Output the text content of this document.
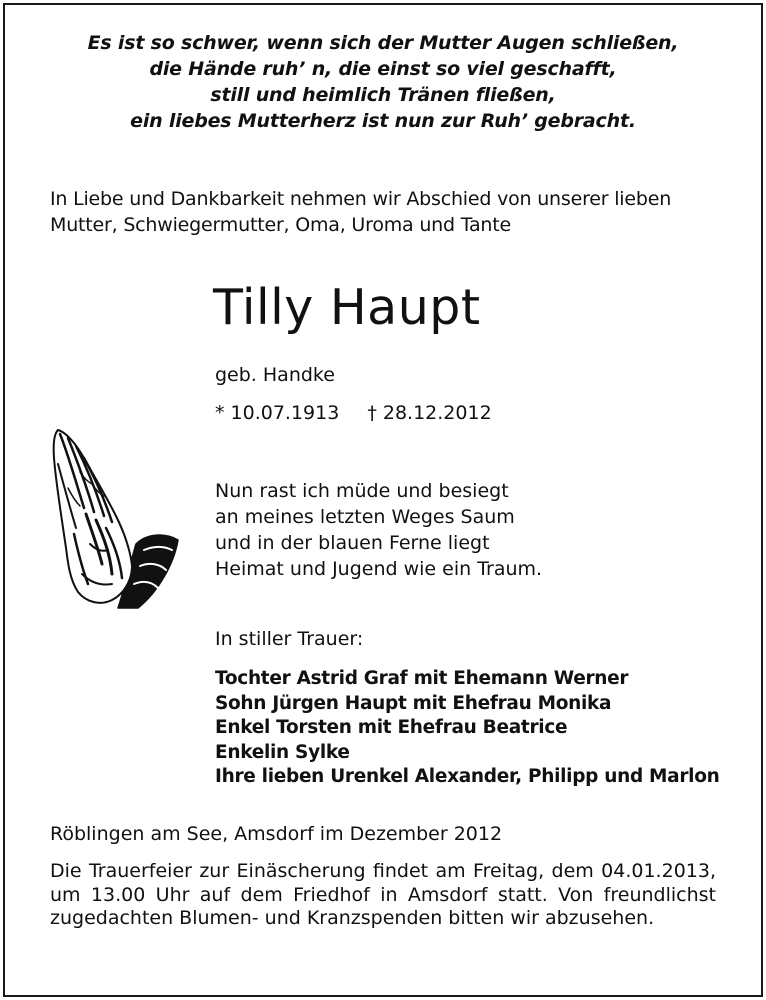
Es ist so schwer, wenn sich der Mutter Augen schließen,
die Hände ruh’ n, die einst so viel geschafft,
still und heimlich Tränen fließen,
ein liebes Mutterherz ist nun zur Ruh’ gebracht.
In Liebe und Dankbarkeit nehmen wir Abschied von unserer lieben
Mutter, Schwiegermutter, Oma, Uroma und Tante
Tilly Haupt
geb. Handke
* 10.07.1913 † 28.12.2012
Nun rast ich müde und besiegt
an meines letzten Weges Saum
und in der blauen Ferne liegt
Heimat und Jugend wie ein Traum.
In stiller Trauer:
Tochter Astrid Graf mit Ehemann Werner
Sohn Jürgen Haupt mit Ehefrau Monika
Enkel Torsten mit Ehefrau Beatrice
Enkelin Sylke
Ihre lieben Urenkel Alexander, Philipp und Marlon
Röblingen am See, Amsdorf im Dezember 2012
Die Trauerfeier zur Einäscherung findet am Freitag, dem 04.01.2013, um 13.00 Uhr auf dem Friedhof in Amsdorf statt. Von freundlichst zugedachten Blumen- und Kranzspenden bitten wir abzusehen.
